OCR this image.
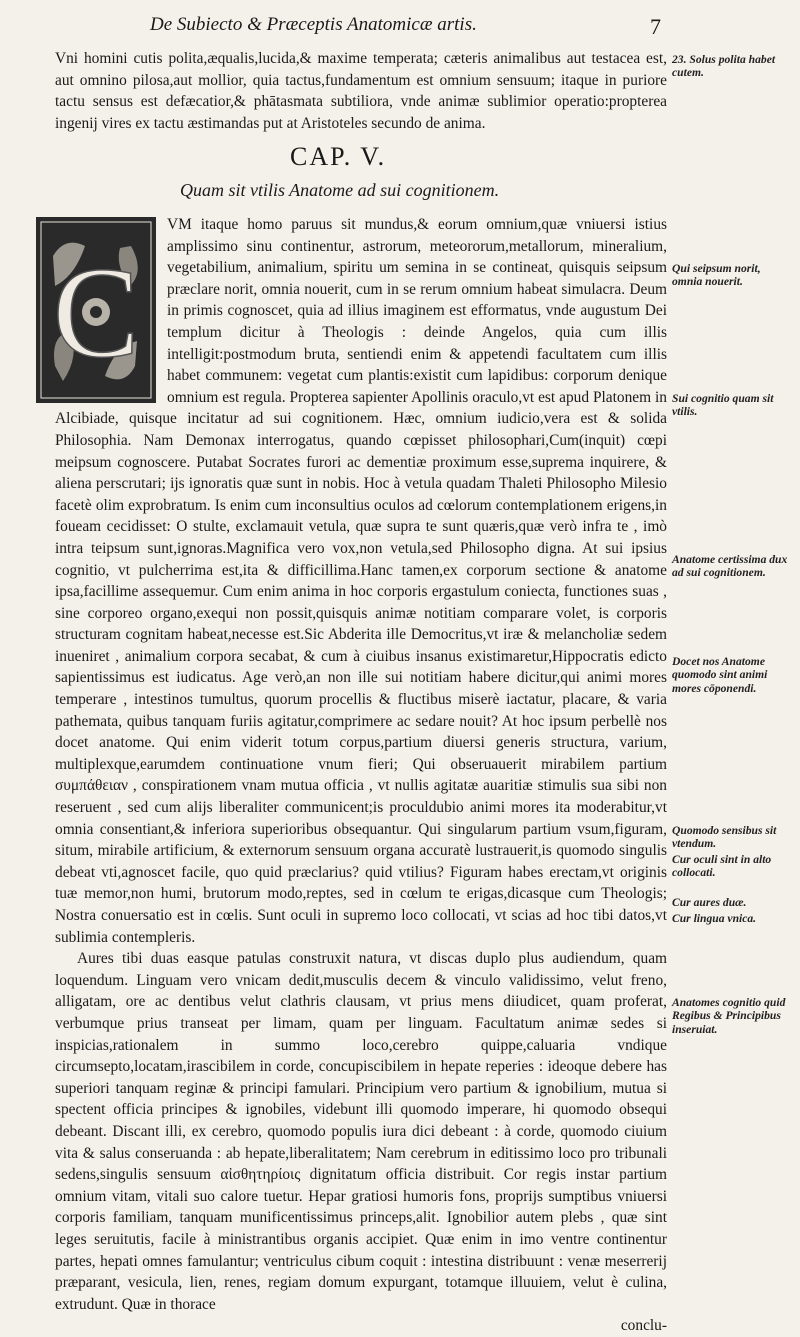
De Subiecto & Præceptis Anatomicæ artis.	7

Vni homini cutis polita,æqualis,lucida,& maxime temperata; cæteris animalibus aut testacea est, aut omnino pilosa,aut mollior, quia tactus,fundamentum est omnium sensuum; itaque in puriore tactu sensus est defæcatior,& phātasmata subtiliora, vnde animæ sublimior operatio:propterea ingenij vires ex tactu æstimandas put at Aristoteles secundo de anima.

CAP. V.
Quam sit vtilis Anatome ad sui cognitionem.
C
VM itaque homo paruus sit mundus,& eorum omnium,quæ vniuersi istius amplissimo sinu continentur, astrorum, meteororum,metallorum, mineralium, vegetabilium, animalium, spiritu um semina in se contineat, quisquis seipsum præclare norit, omnia nouerit, cum in se rerum omnium habeat simulacra. Deum in primis cognoscet, quia ad illius imaginem est efformatus, vnde augustum Dei templum dicitur à Theologis : deinde Angelos, quia cum illis intelligit:postmodum bruta, sentiendi enim & appetendi facultatem cum illis habet communem: vegetat cum plantis:existit cum lapidibus: corporum denique omnium est regula. Propterea sapienter Apollinis oraculo,vt est apud Platonem in Alcibiade, quisque incitatur ad sui cognitionem. Hæc, omnium iudicio,vera est & solida Philosophia. Nam Demonax interrogatus, quando cœpisset philosophari,Cum(inquit) cœpi meipsum cognoscere. Putabat Socrates furori ac dementiæ proximum esse,suprema inquirere, & aliena perscrutari; ijs ignoratis quæ sunt in nobis. Hoc à vetula quadam Thaleti Philosopho Milesio facetè olim exprobratum. Is enim cum inconsultius oculos ad cœlorum contemplationem erigens,in foueam cecidisset: O stulte, exclamauit vetula, quæ supra te sunt quæris,quæ verò infra te , imò intra teipsum sunt,ignoras.Magnifica vero vox,non vetula,sed Philosopho digna. At sui ipsius cognitio, vt pulcherrima est,ita & difficillima.Hanc tamen,ex corporum sectione & anatome ipsa,facillime assequemur. Cum enim anima in hoc corporis ergastulum coniecta, functiones suas , sine corporeo organo,exequi non possit,quisquis animæ notitiam comparare volet, is corporis structuram cognitam habeat,necesse est.Sic Abderita ille Democritus,vt iræ & melancholiæ sedem inueniret , animalium corpora secabat, & cum à ciuibus insanus existimaretur,Hippocratis edicto sapientissimus est iudicatus. Age verò,an non ille sui notitiam habere dicitur,qui animi mores temperare , intestinos tumultus, quorum procellis & fluctibus miserè iactatur, placare, & varia pathemata, quibus tanquam furiis agitatur,comprimere ac sedare nouit? At hoc ipsum perbellè nos docet anatome. Qui enim viderit totum corpus,partium diuersi generis structura, varium, multiplexque,earumdem continuatione vnum fieri; Qui obseruauerit mirabilem partium συμπάθειαν , conspirationem vnam mutua officia , vt nullis agitatæ auaritiæ stimulis sua sibi non reseruent , sed cum alijs liberaliter communicent;is proculdubio animi mores ita moderabitur,vt omnia consentiant,& inferiora superioribus obsequantur. Qui singularum partium vsum,figuram, situm, mirabile artificium, & externorum sensuum organa accuratè lustrauerit,is quomodo singulis debeat vti,agnoscet facile, quo quid præclarius? quid vtilius? Figuram habes erectam,vt originis tuæ memor,non humi, brutorum modo,reptes, sed in cœlum te erigas,dicasque cum Theologis; Nostra conuersatio est in cœlis. Sunt oculi in supremo loco collocati, vt scias ad hoc tibi datos,vt sublimia contempleris.
Aures tibi duas easque patulas construxit natura, vt discas duplo plus audiendum, quam loquendum. Linguam vero vnicam dedit,musculis decem & vinculo validissimo, velut freno, alligatam, ore ac dentibus velut clathris clausam, vt prius mens diiudicet, quam proferat, verbumque prius transeat per limam, quam per linguam. Facultatum animæ sedes si inspicias,rationalem in summo loco,cerebro quippe,caluaria vndique circumsepto,locatam,irascibilem in corde, concupiscibilem in hepate reperies : ideoque debere has superiori tanquam reginæ & principi famulari. Principium vero partium & ignobilium, mutua si spectent officia principes & ignobiles, videbunt illi quomodo imperare, hi quomodo obsequi debeant. Discant illi, ex cerebro, quomodo populis iura dici debeant : à corde, quomodo ciuium vita & salus conseruanda : ab hepate,liberalitatem; Nam cerebrum in editissimo loco pro tribunali sedens,singulis sensuum αἰσθητηρίοις dignitatum officia distribuit. Cor regis instar partium omnium vitam, vitali suo calore tuetur. Hepar gratiosi humoris fons, proprijs sumptibus vniuersi corporis familiam, tanquam munificentissimus princeps,alit. Ignobilior autem plebs , quæ sint leges seruitutis, facile à ministrantibus organis accipiet. Quæ enim in imo ventre continentur partes, hepati omnes famulantur; ventriculus cibum coquit : intestina distribuunt : venæ meserrerij præparant, vesicula, lien, renes, regiam domum expurgant, totamque illuuiem, velut è culina, extrudunt. Quæ in thorace
conclu-
23. Solus polita habet cutem.
Qui seipsum norit, omnia nouerit.
Sui cognitio quam sit vtilis.
Anatome certissima dux ad sui cognitionem.
Docet nos Anatome quomodo sint animi mores cōponendi.
Quomodo sensibus sit vtendum.
Cur oculi sint in alto collocati.
Cur aures duæ.
Cur lingua vnica.
Anatomes cognitio quid Regibus & Principibus inseruiat.
